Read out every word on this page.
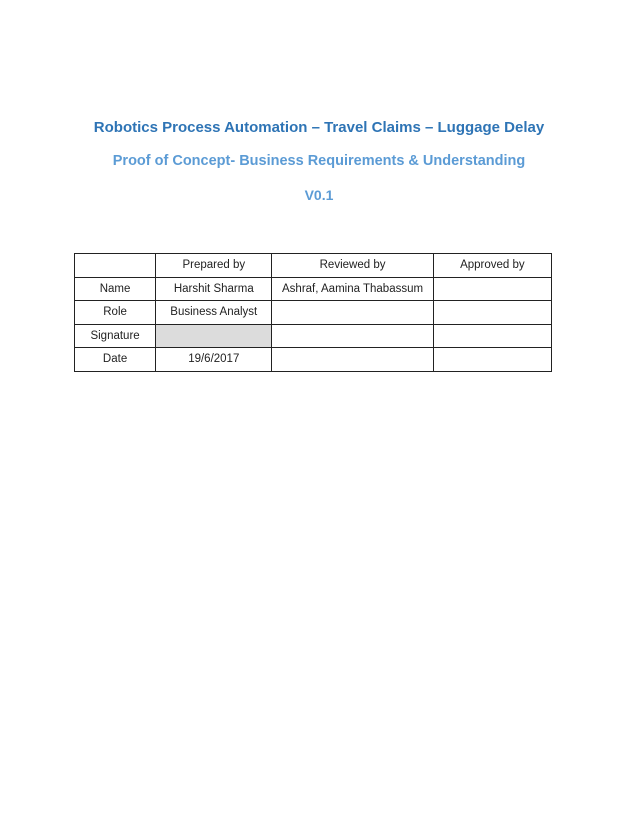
Robotics Process Automation – Travel Claims – Luggage Delay
Proof of Concept- Business Requirements & Understanding
V0.1
	Prepared by	Reviewed by	Approved by
Name	Harshit Sharma	Ashraf, Aamina Thabassum	
Role	Business Analyst		
Signature			
Date	19/6/2017		
